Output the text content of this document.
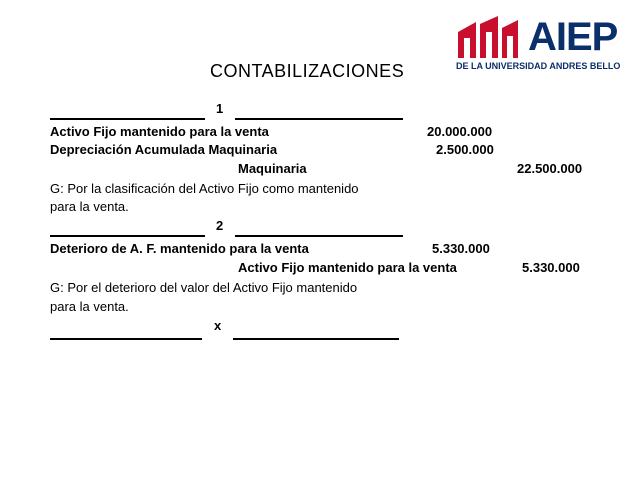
AIEP
DE LA UNIVERSIDAD ANDRES BELLO
CONTABILIZACIONES
1
Activo Fijo mantenido para la venta	20.000.000
Depreciación Acumulada Maquinaria	2.500.000
Maquinaria	22.500.000
G: Por la clasificación del Activo Fijo como mantenido
para la venta.
2
Deterioro de A. F. mantenido para la venta	5.330.000
Activo Fijo mantenido para la venta	5.330.000
G: Por el deterioro del valor del Activo Fijo mantenido
para la venta.
x
